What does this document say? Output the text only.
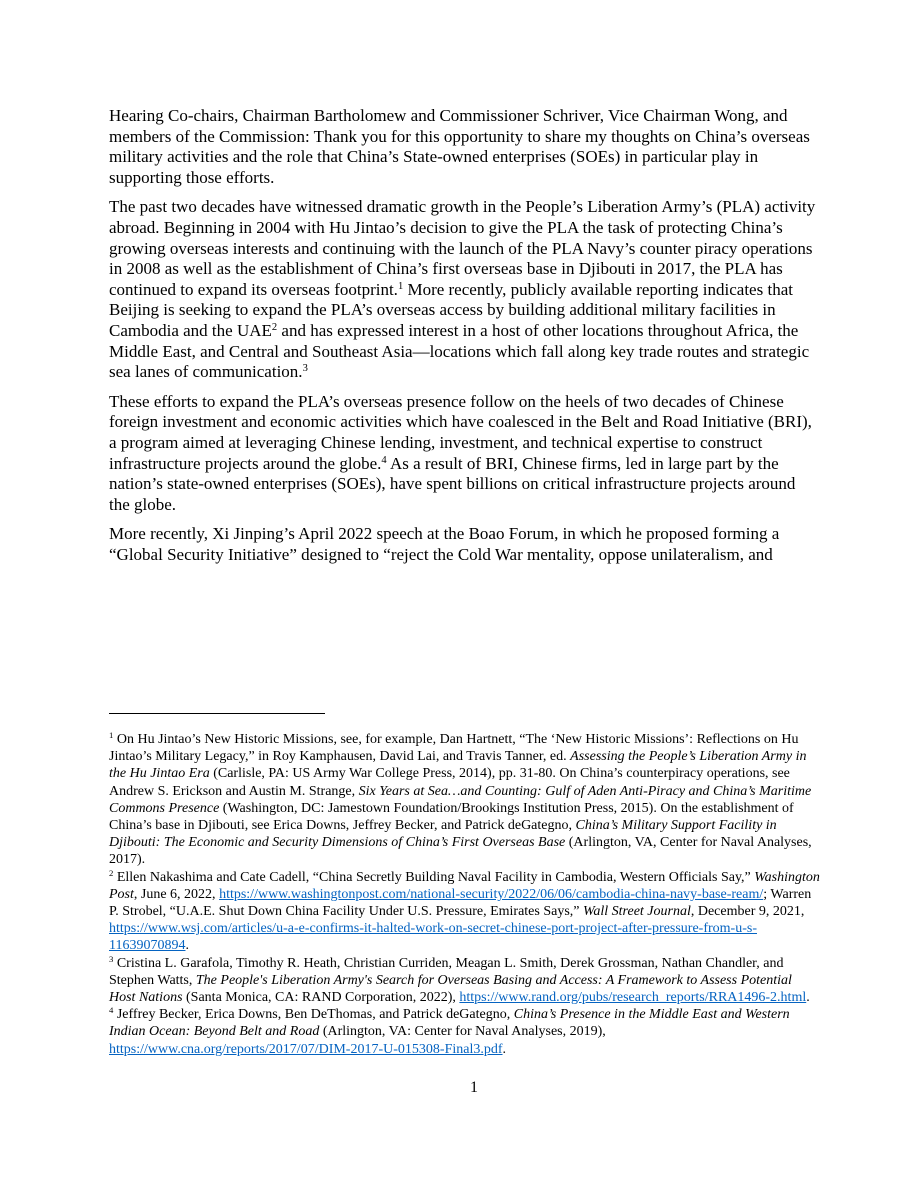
Hearing Co-chairs, Chairman Bartholomew and Commissioner Schriver, Vice Chairman Wong, and members of the Commission: Thank you for this opportunity to share my thoughts on China’s overseas military activities and the role that China’s State-owned enterprises (SOEs) in particular play in supporting those efforts.

The past two decades have witnessed dramatic growth in the People’s Liberation Army’s (PLA) activity abroad. Beginning in 2004 with Hu Jintao’s decision to give the PLA the task of protecting China’s growing overseas interests and continuing with the launch of the PLA Navy’s counter piracy operations in 2008 as well as the establishment of China’s first overseas base in Djibouti in 2017, the PLA has continued to expand its overseas footprint.$^1$ More recently, publicly available reporting indicates that Beijing is seeking to expand the PLA’s overseas access by building additional military facilities in Cambodia and the UAE$^2$ and has expressed interest in a host of other locations throughout Africa, the Middle East, and Central and Southeast Asia—locations which fall along key trade routes and strategic sea lanes of communication.$^3$

These efforts to expand the PLA’s overseas presence follow on the heels of two decades of Chinese foreign investment and economic activities which have coalesced in the Belt and Road Initiative (BRI), a program aimed at leveraging Chinese lending, investment, and technical expertise to construct infrastructure projects around the globe.$^4$ As a result of BRI, Chinese firms, led in large part by the nation’s state-owned enterprises (SOEs), have spent billions on critical infrastructure projects around the globe.

More recently, Xi Jinping’s April 2022 speech at the Boao Forum, in which he proposed forming a “Global Security Initiative” designed to “reject the Cold War mentality, oppose unilateralism, and

$^1$ On Hu Jintao’s New Historic Missions, see, for example, Dan Hartnett, “The ‘New Historic Missions’: Reflections on Hu Jintao’s Military Legacy,” in Roy Kamphausen, David Lai, and Travis Tanner, ed. Assessing the People’s Liberation Army in the Hu Jintao Era (Carlisle, PA: US Army War College Press, 2014), pp. 31-80. On China’s counterpiracy operations, see Andrew S. Erickson and Austin M. Strange, Six Years at Sea…and Counting: Gulf of Aden Anti-Piracy and China’s Maritime Commons Presence (Washington, DC: Jamestown Foundation/Brookings Institution Press, 2015). On the establishment of China’s base in Djibouti, see Erica Downs, Jeffrey Becker, and Patrick deGategno, China’s Military Support Facility in Djibouti: The Economic and Security Dimensions of China’s First Overseas Base (Arlington, VA, Center for Naval Analyses, 2017).

$^2$ Ellen Nakashima and Cate Cadell, “China Secretly Building Naval Facility in Cambodia, Western Officials Say,” Washington Post, June 6, 2022, https://www.washingtonpost.com/national-security/2022/06/06/cambodia-china-navy-base-ream/; Warren P. Strobel, “U.A.E. Shut Down China Facility Under U.S. Pressure, Emirates Says,” Wall Street Journal, December 9, 2021, https://www.wsj.com/articles/u-a-e-confirms-it-halted-work-on-secret-chinese-port-project-after-pressure-from-u-s-11639070894.

$^3$ Cristina L. Garafola, Timothy R. Heath, Christian Curriden, Meagan L. Smith, Derek Grossman, Nathan Chandler, and Stephen Watts, The People's Liberation Army's Search for Overseas Basing and Access: A Framework to Assess Potential Host Nations (Santa Monica, CA: RAND Corporation, 2022), https://www.rand.org/pubs/research_reports/RRA1496-2.html.

$^4$ Jeffrey Becker, Erica Downs, Ben DeThomas, and Patrick deGategno, China’s Presence in the Middle East and Western Indian Ocean: Beyond Belt and Road (Arlington, VA: Center for Naval Analyses, 2019), https://www.cna.org/reports/2017/07/DIM-2017-U-015308-Final3.pdf.

1
